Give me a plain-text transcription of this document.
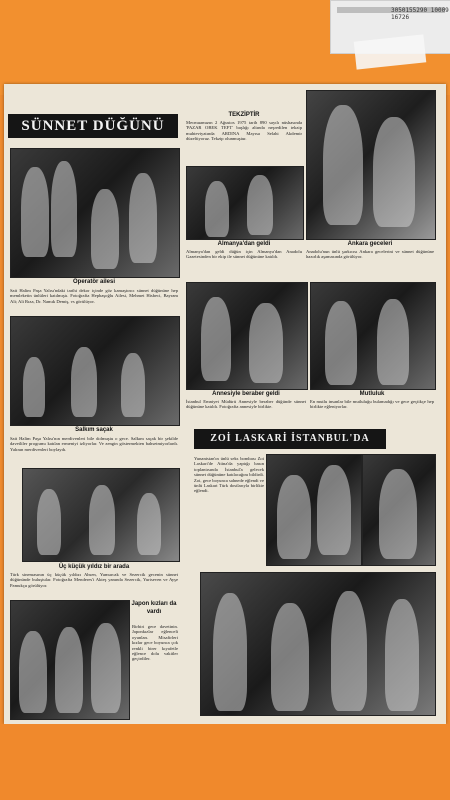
3050155290 1000916726
SÜNNET DÜĞÜNÜ
Operatör ailesi
Sait Halim Paşa Yalısı'ndaki tarihi dekor içinde göz kamaştırıcı sünnet düğününe hep memleketin ünlüleri katılmıştı. Fotoğrafta Hepbaşoğlu Ailesi, Mehmet Hisbeci, Bayram Ali; Ali Rıza, Dr. Namık Demiş, vs görülüyor.
Salkım saçak
Sait Halim Paşa Yalısı'nın merdivenleri bile dolmuştu o gece. Salkım saçak bir şekilde davetliler programı katılan ermeniyi izliyorlar. Ve zengin göstermekten bahsetmiyorlardı. Yalının merdivenleri boylaydı.
Üç küçük yıldız bir arada
Türk sinemasının üç küçük yıldızı Ahsen, Yumurcak ve Sezercik gecenin sünnet düğününde buluştular. Fotoğrafta Menderes'i Akteş yanında Sezercik, Yurtseven ve Ayşe Pamukçu görülüyor.
Japon kızları da vardı
Birbiri gece davetinin. Japonkızlar eğlenceli oyunları. Misafirleri kızlar gece boyunca çok renkli birer kıyafetle eğlence dolu vakitler geçirdiler.
TEKZİPTİR
Mecmuamızın 2 Ağustos 1975 tarih 890 sayılı nüshasında 'PAZAR OBEK TEFT' başlığı altında neşredilen tekzip muhteviyatında ARDINA Mayısa Selahi Akdemir düzeltiyoruz. Tekzip olunmuştur.
Almanya'dan geldi
Almanya'dan geldi düğün için Almanya'dan Anadolu Gazetesinden bir ekip ile sünnet düğününe katıldı.
Ankara geceleri
Anadolu'nun ünlü şarkıcısı Ankara gecelerini ve sünnet düğününe hazırlık aşamasında görülüyor.
Annesiyle beraber geldi
İstanbul Emniyet Müdürü Annesiyle beraber düğünde sünnet düğününe katıldı. Fotoğrafta annesiyle birlikte.
Mutluluk
En mutlu insanlar bile mutluluğu bulamadığı ve gece geçtikçe hep birlikte eğleniyorlar.
ZOİ LASKARİ İSTANBUL'DA
Yunanistan'ın ünlü seks bombası Zoi Laskari'de Atina'da yaptığı basın toplantısında İstanbul'a gelecek sünnet düğününe katılacağını bildirdi. Zoi, gece boyunca sahnede eğlendi ve ünlü Laskari Türk dostlarıyla birlikte eğlendi.
